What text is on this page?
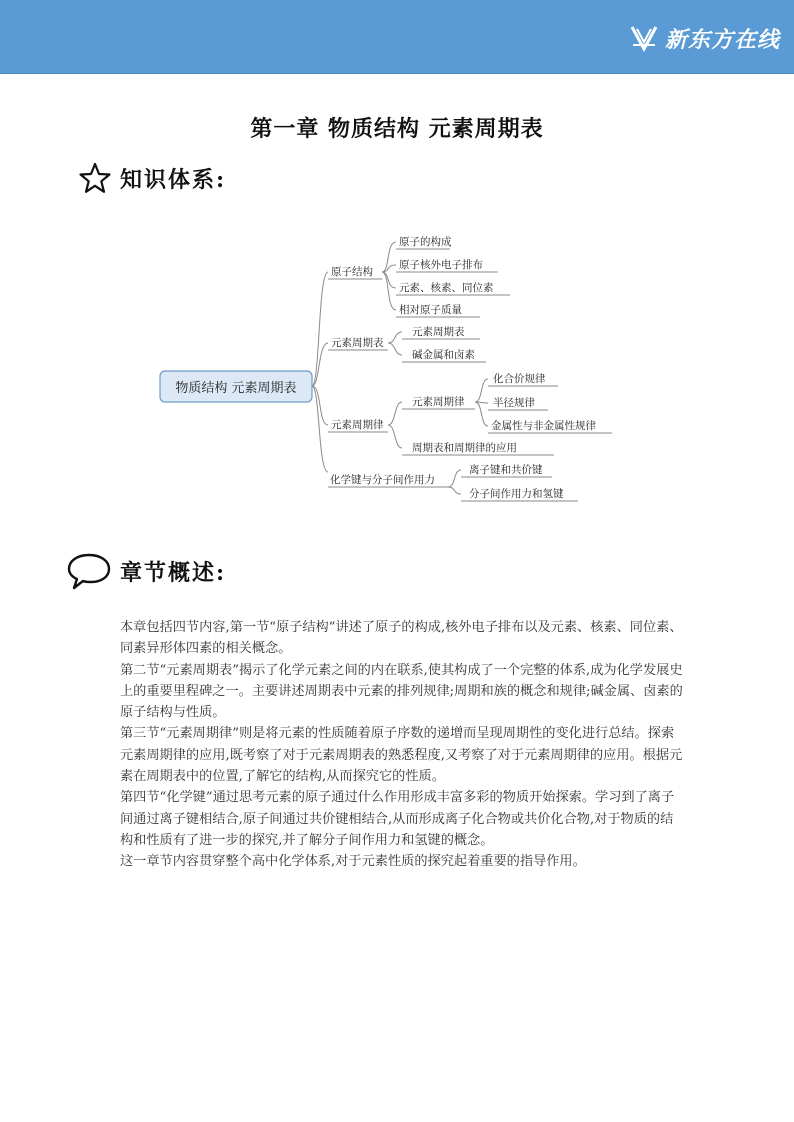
新东方在线
第一章 物质结构 元素周期表
知识体系:
物质结构 元素周期表
原子结构
原子的构成
原子核外电子排布
元素、核素、同位素
相对原子质量
元素周期表
元素周期表
碱金属和卤素
元素周期律
元素周期律
化合价规律
半径规律
金属性与非金属性规律
周期表和周期律的应用
化学键与分子间作用力
离子键和共价键
分子间作用力和氢键
章节概述:

本章包括四节内容,第一节“原子结构”讲述了原子的构成,核外电子排布以及元素、核素、同位素、同素异形体四素的相关概念。

第二节“元素周期表”揭示了化学元素之间的内在联系,使其构成了一个完整的体系,成为化学发展史上的重要里程碑之一。主要讲述周期表中元素的排列规律;周期和族的概念和规律;碱金属、卤素的原子结构与性质。

第三节“元素周期律”则是将元素的性质随着原子序数的递增而呈现周期性的变化进行总结。探索元素周期律的应用,既考察了对于元素周期表的熟悉程度,又考察了对于元素周期律的应用。根据元素在周期表中的位置,了解它的结构,从而探究它的性质。

第四节“化学键”通过思考元素的原子通过什么作用形成丰富多彩的物质开始探索。学习到了离子间通过离子键相结合,原子间通过共价键相结合,从而形成离子化合物或共价化合物,对于物质的结构和性质有了进一步的探究,并了解分子间作用力和氢键的概念。

这一章节内容贯穿整个高中化学体系,对于元素性质的探究起着重要的指导作用。
